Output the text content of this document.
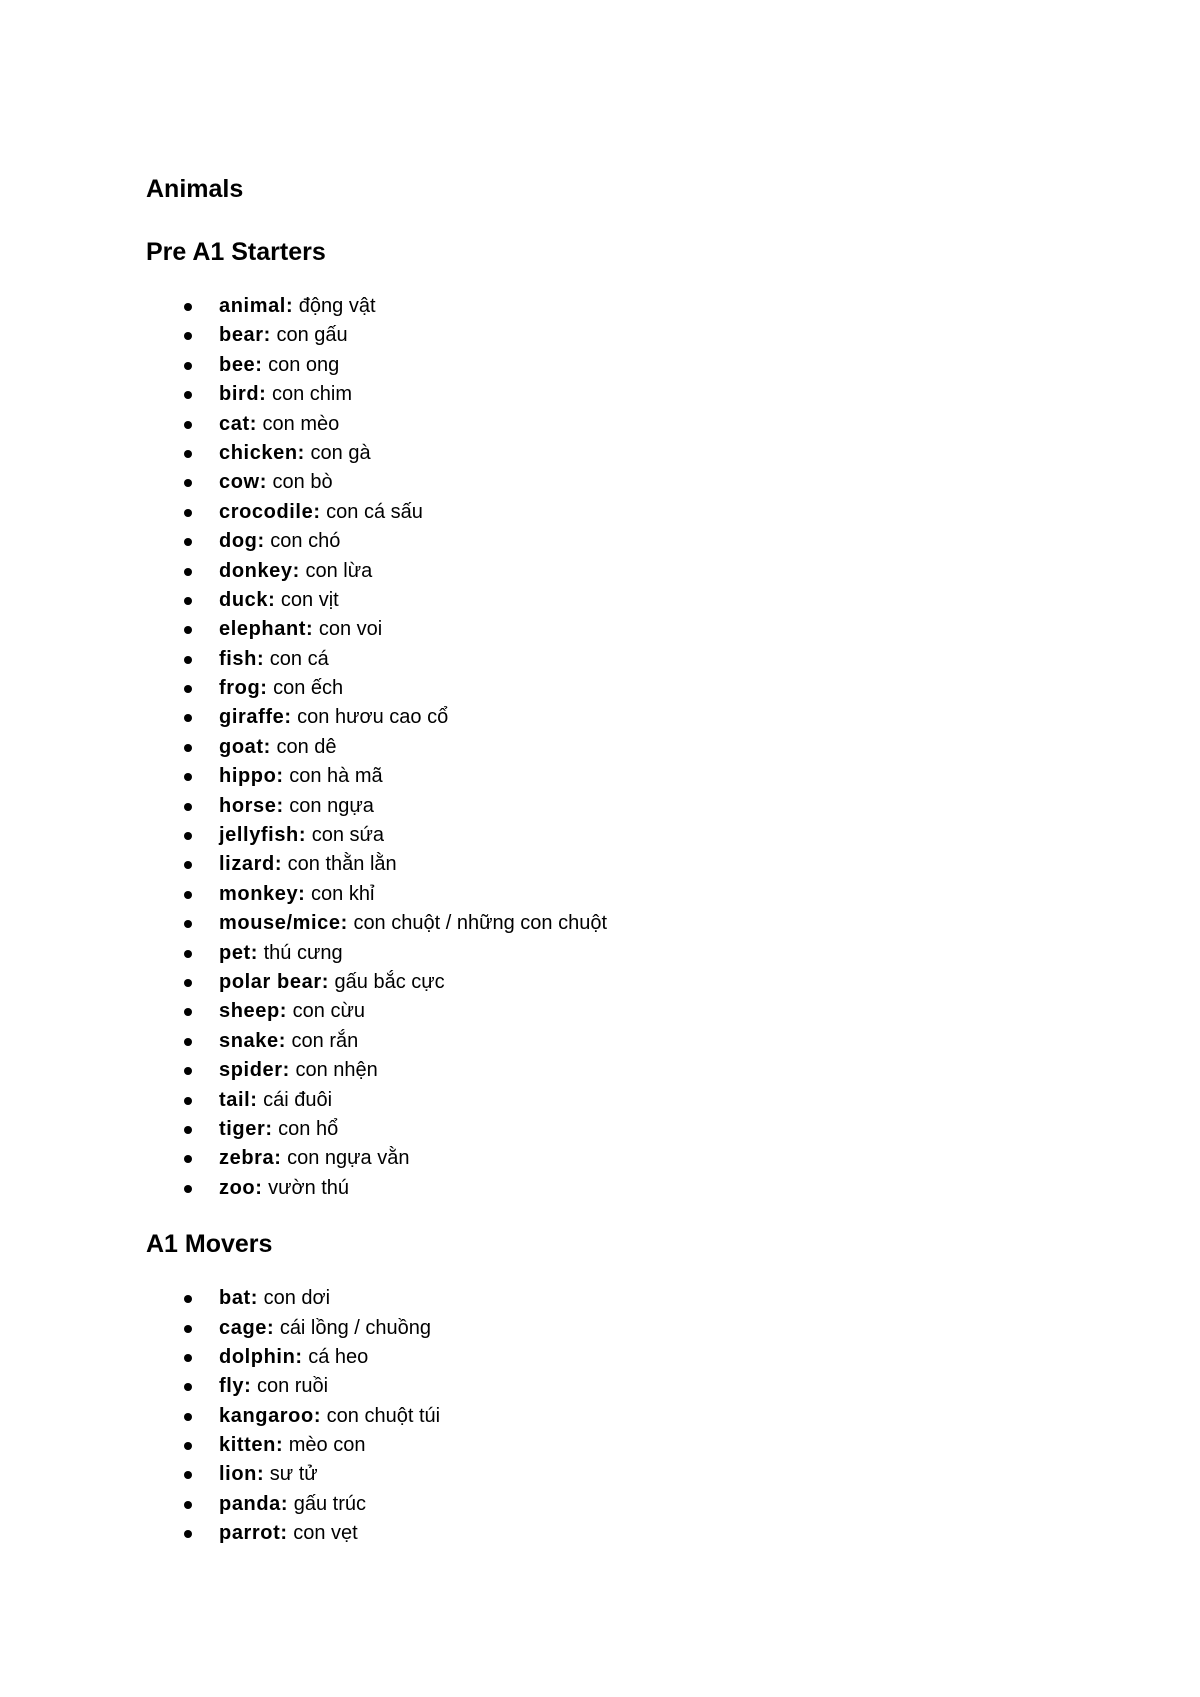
Animals
Pre A1 Starters
animal: động vật
bear: con gấu
bee: con ong
bird: con chim
cat: con mèo
chicken: con gà
cow: con bò
crocodile: con cá sấu
dog: con chó
donkey: con lừa
duck: con vịt
elephant: con voi
fish: con cá
frog: con ếch
giraffe: con hươu cao cổ
goat: con dê
hippo: con hà mã
horse: con ngựa
jellyfish: con sứa
lizard: con thằn lằn
monkey: con khỉ
mouse/mice: con chuột / những con chuột
pet: thú cưng
polar bear: gấu bắc cực
sheep: con cừu
snake: con rắn
spider: con nhện
tail: cái đuôi
tiger: con hổ
zebra: con ngựa vằn
zoo: vườn thú
A1 Movers
bat: con dơi
cage: cái lồng / chuồng
dolphin: cá heo
fly: con ruồi
kangaroo: con chuột túi
kitten: mèo con
lion: sư tử
panda: gấu trúc
parrot: con vẹt
